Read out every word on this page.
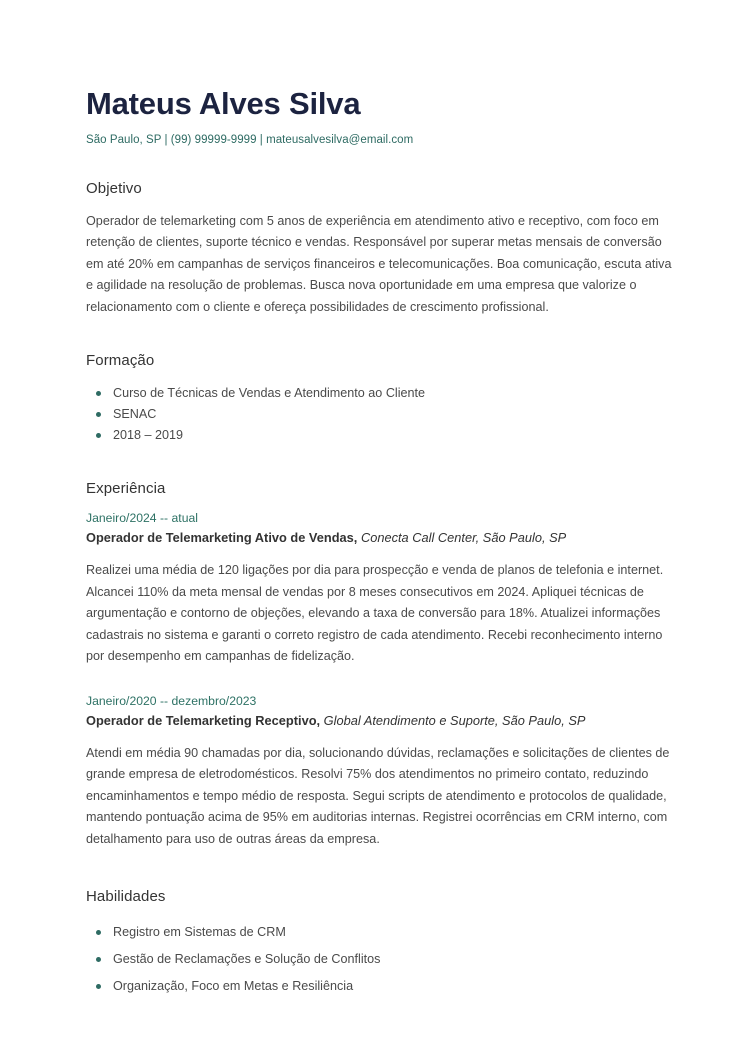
Mateus Alves Silva
São Paulo, SP | (99) 99999-9999 | mateusalvesilva@email.com
Objetivo

Operador de telemarketing com 5 anos de experiência em atendimento ativo e receptivo, com foco em retenção de clientes, suporte técnico e vendas. Responsável por superar metas mensais de conversão em até 20% em campanhas de serviços financeiros e telecomunicações. Boa comunicação, escuta ativa e agilidade na resolução de problemas. Busca nova oportunidade em uma empresa que valorize o relacionamento com o cliente e ofereça possibilidades de crescimento profissional.

Formação
Curso de Técnicas de Vendas e Atendimento ao Cliente
SENAC
2018 – 2019
Experiência
Janeiro/2024 -- atual
Operador de Telemarketing Ativo de Vendas, Conecta Call Center, São Paulo, SP

Realizei uma média de 120 ligações por dia para prospecção e venda de planos de telefonia e internet. Alcancei 110% da meta mensal de vendas por 8 meses consecutivos em 2024. Apliquei técnicas de argumentação e contorno de objeções, elevando a taxa de conversão para 18%. Atualizei informações cadastrais no sistema e garanti o correto registro de cada atendimento. Recebi reconhecimento interno por desempenho em campanhas de fidelização.

Janeiro/2020 -- dezembro/2023
Operador de Telemarketing Receptivo, Global Atendimento e Suporte, São Paulo, SP

Atendi em média 90 chamadas por dia, solucionando dúvidas, reclamações e solicitações de clientes de grande empresa de eletrodomésticos. Resolvi 75% dos atendimentos no primeiro contato, reduzindo encaminhamentos e tempo médio de resposta. Segui scripts de atendimento e protocolos de qualidade, mantendo pontuação acima de 95% em auditorias internas. Registrei ocorrências em CRM interno, com detalhamento para uso de outras áreas da empresa.

Habilidades
Registro em Sistemas de CRM
Gestão de Reclamações e Solução de Conflitos
Organização, Foco em Metas e Resiliência
